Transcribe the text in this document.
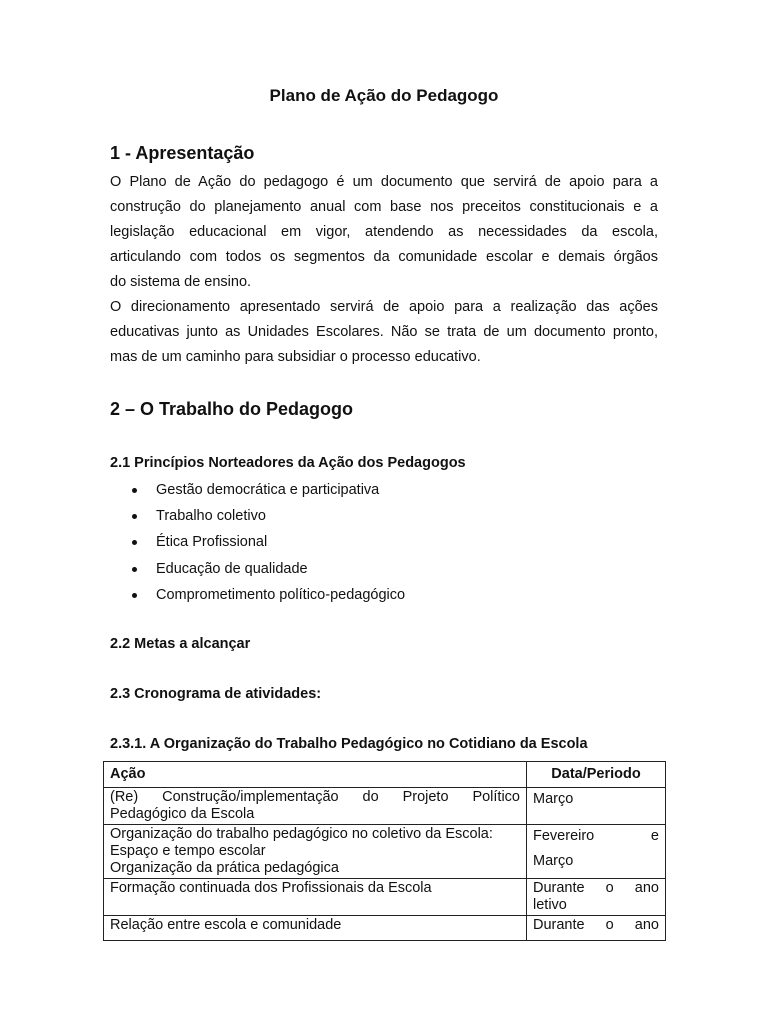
Plano de Ação do Pedagogo
1 - Apresentação
O Plano de Ação do pedagogo é um documento que servirá de apoio para a
construção do planejamento anual com base nos preceitos constitucionais e a
legislação educacional em vigor, atendendo as necessidades da escola,
articulando com todos os segmentos da comunidade escolar e demais órgãos
do sistema de ensino.
O direcionamento apresentado servirá de apoio para a realização das ações
educativas junto as Unidades Escolares. Não se trata de um documento pronto,
mas de um caminho para subsidiar o processo educativo.
2 – O Trabalho do Pedagogo
2.1 Princípios Norteadores da Ação dos Pedagogos
Gestão democrática e participativa
Trabalho coletivo
Ética Profissional
Educação de qualidade
Comprometimento político-pedagógico
2.2 Metas a alcançar
2.3 Cronograma de atividades:
2.3.1. A Organização do Trabalho Pedagógico no Cotidiano da Escola
Ação	Data/Periodo

(Re) Construção/implementação do Projeto Político
Pedagógico da Escola	Março

Organização do trabalho pedagógico no coletivo da Escola:
Espaço e tempo escolar
Organização da prática pedagógica	Fevereiro e
Março

Formação continuada dos Profissionais da Escola	Durante o ano
letivo

Relação entre escola e comunidade	Durante o ano
